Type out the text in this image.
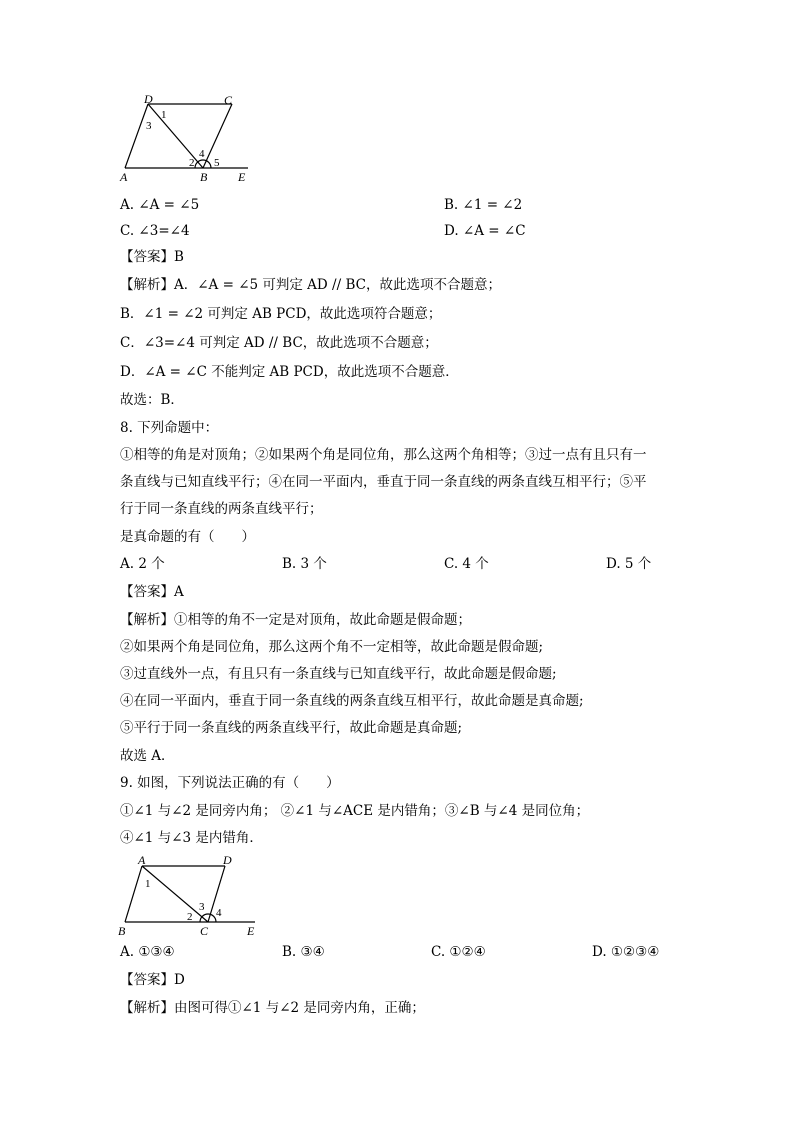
D	C
A	B	E
1
3
2
4
5
A. ∠A = ∠5	B. ∠1 = ∠2
C. ∠3=∠4	D. ∠A = ∠C
【答案】B
【解析】A．∠A = ∠5 可判定 AD // BC，故此选项不合题意；
B．∠1 = ∠2 可判定 AB PCD，故此选项符合题意；
C．∠3=∠4 可判定 AD // BC，故此选项不合题意；
D．∠A = ∠C 不能判定 AB PCD，故此选项不合题意．
故选：B．
8. 下列命题中：
①相等的角是对顶角；②如果两个角是同位角，那么这两个角相等；③过一点有且只有一
条直线与已知直线平行；④在同一平面内，垂直于同一条直线的两条直线互相平行；⑤平
行于同一条直线的两条直线平行；
是真命题的有（　　）
A. 2 个	B. 3 个	C. 4 个	D. 5 个
【答案】A
【解析】①相等的角不一定是对顶角，故此命题是假命题；
②如果两个角是同位角，那么这两个角不一定相等，故此命题是假命题;
③过直线外一点，有且只有一条直线与已知直线平行，故此命题是假命题;
④在同一平面内，垂直于同一条直线的两条直线互相平行，故此命题是真命题;
⑤平行于同一条直线的两条直线平行，故此命题是真命题;
故选 A．
9. 如图，下列说法正确的有（　　）
①∠1 与∠2 是同旁内角； ②∠1 与∠ACE 是内错角；③∠B 与∠4 是同位角；
④∠1 与∠3 是内错角．
A	D
B	C	E
1
2
3 4
A. ①③④	B. ③④	C. ①②④	D. ①②③④
【答案】D
【解析】由图可得①∠1 与∠2 是同旁内角，正确；
